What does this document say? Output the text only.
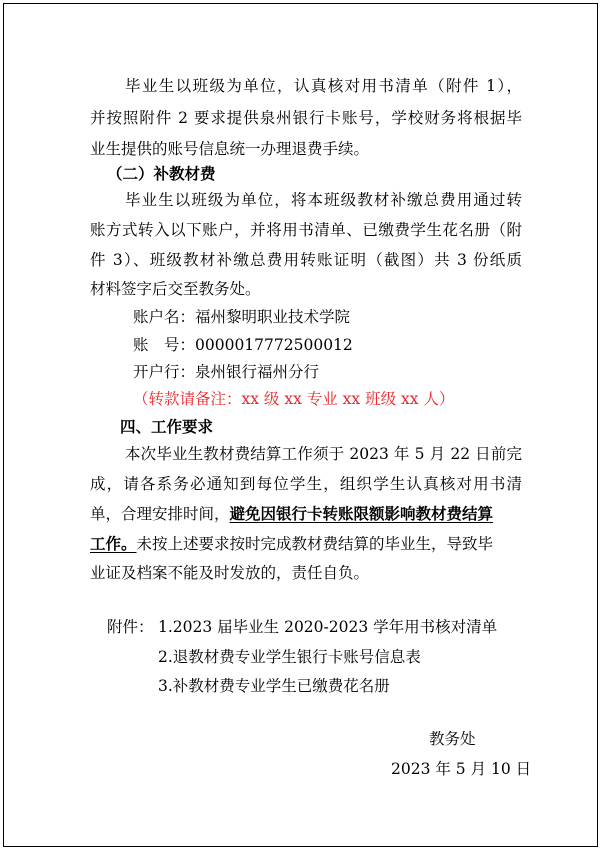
毕业生以班级为单位，认真核对用书清单（附件 1），
并按照附件 2 要求提供泉州银行卡账号，学校财务将根据毕
业生提供的账号信息统一办理退费手续。
（二）补教材费
毕业生以班级为单位，将本班级教材补缴总费用通过转
账方式转入以下账户，并将用书清单、已缴费学生花名册（附
件 3）、班级教材补缴总费用转账证明（截图）共 3 份纸质
材料签字后交至教务处。
账户名：福州黎明职业技术学院
账　号：0000017772500012
开户行：泉州银行福州分行
（转款请备注：xx 级 xx 专业 xx 班级 xx 人）
四、工作要求
本次毕业生教材费结算工作须于 2023 年 5 月 22 日前完
成，请各系务必通知到每位学生，组织学生认真核对用书清
单，合理安排时间，避免因银行卡转账限额影响教材费结算
工作。未按上述要求按时完成教材费结算的毕业生，导致毕
业证及档案不能及时发放的，责任自负。
附件： 1.2023 届毕业生 2020-2023 学年用书核对清单
2.退教材费专业学生银行卡账号信息表
3.补教材费专业学生已缴费花名册
教务处
2023 年 5 月 10 日
